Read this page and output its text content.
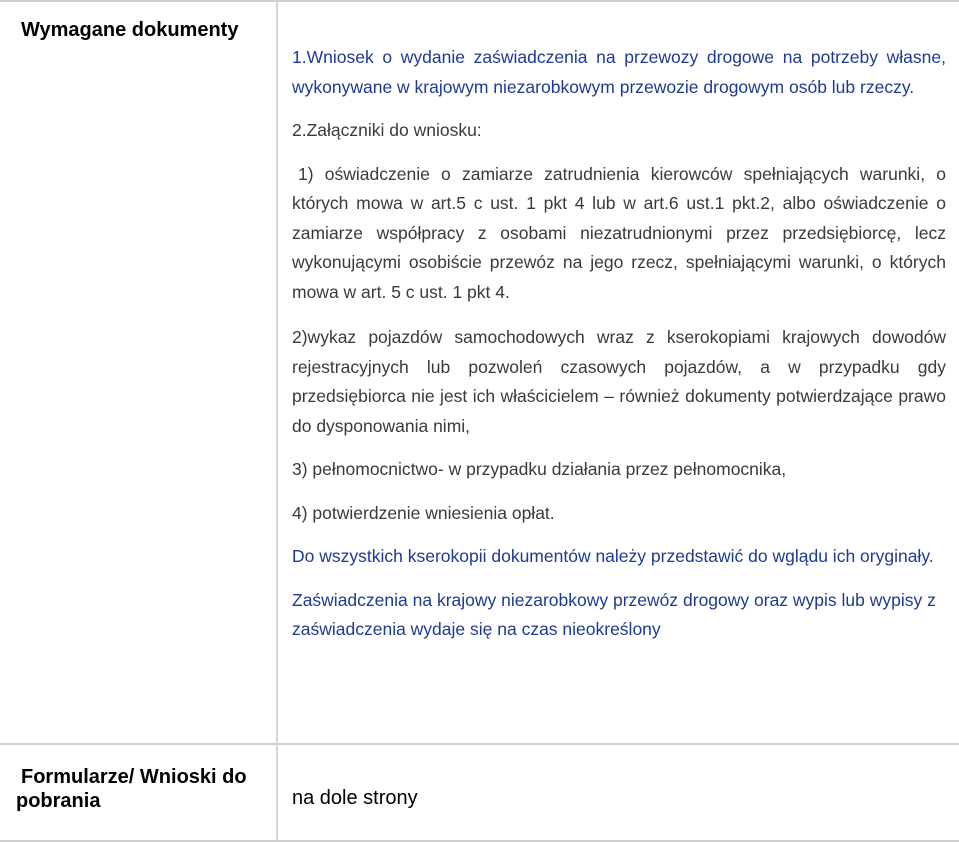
Wymagane dokumenty

1.Wniosek o wydanie zaświadczenia na przewozy drogowe na potrzeby własne, wykonywane w krajowym niezarobkowym przewozie drogowym osób lub rzeczy.

2.Załączniki do wniosku:

1) oświadczenie o zamiarze zatrudnienia kierowców spełniających warunki, o których mowa w art.5 c ust. 1 pkt 4 lub w art.6 ust.1 pkt.2, albo oświadczenie o zamiarze współpracy z osobami niezatrudnionymi przez przedsiębiorcę, lecz wykonującymi osobiście przewóz na jego rzecz, spełniającymi warunki, o których mowa w art. 5 c ust. 1 pkt 4.

2)wykaz pojazdów samochodowych wraz z kserokopiami krajowych dowodów rejestracyjnych lub pozwoleń czasowych pojazdów, a w przypadku gdy przedsiębiorca nie jest ich właścicielem – również dokumenty potwierdzające prawo do dysponowania nimi,

3) pełnomocnictwo- w przypadku działania przez pełnomocnika,

4) potwierdzenie wniesienia opłat.

Do wszystkich kserokopii dokumentów należy przedstawić do wglądu ich oryginały.

Zaświadczenia na krajowy niezarobkowy przewóz drogowy oraz wypis lub wypisy z zaświadczenia wydaje się na czas nieokreślony

Formularze/ Wnioski do pobrania	na dole strony
